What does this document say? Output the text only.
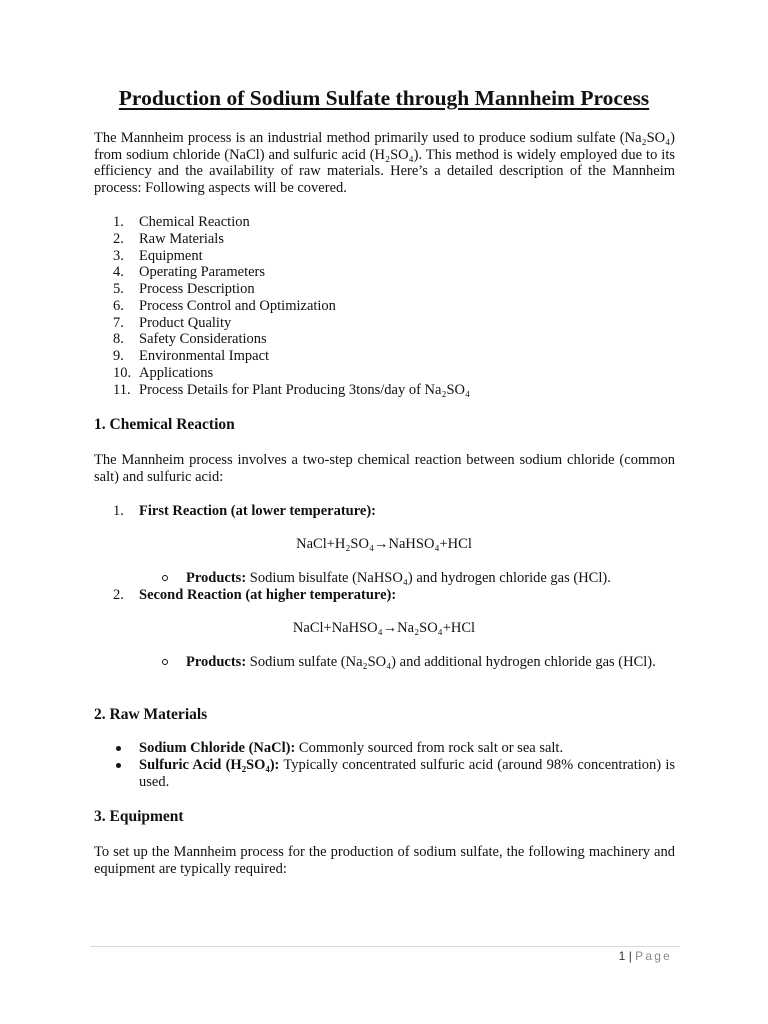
Production of Sodium Sulfate through Mannheim Process
The Mannheim process is an industrial method primarily used to produce sodium sulfate (Na₂SO₄) from sodium chloride (NaCl) and sulfuric acid (H₂SO₄). This method is widely employed due to its efficiency and the availability of raw materials. Here’s a detailed description of the Mannheim process: Following aspects will be covered.
1.	Chemical Reaction
2.	Raw Materials
3.	Equipment
4.	Operating Parameters
5.	Process Description
6.	Process Control and Optimization
7.	Product Quality
8.	Safety Considerations
9.	Environmental Impact
10. Applications
11. Process Details for Plant Producing 3tons/day of Na₂SO₄
1. Chemical Reaction
The Mannheim process involves a two-step chemical reaction between sodium chloride (common salt) and sulfuric acid:
1.	First Reaction (at lower temperature):
NaCl+H₂SO₄→NaHSO₄+HCl
Products: Sodium bisulfate (NaHSO₄) and hydrogen chloride gas (HCl).
2.	Second Reaction (at higher temperature):
NaCl+NaHSO₄→Na₂SO₄+HCl
Products: Sodium sulfate (Na₂SO₄) and additional hydrogen chloride gas (HCl).
2. Raw Materials
Sodium Chloride (NaCl): Commonly sourced from rock salt or sea salt.
Sulfuric Acid (H₂SO₄): Typically concentrated sulfuric acid (around 98% concentration) is used.
3. Equipment
To set up the Mannheim process for the production of sodium sulfate, the following machinery and equipment are typically required:
1 | Page
